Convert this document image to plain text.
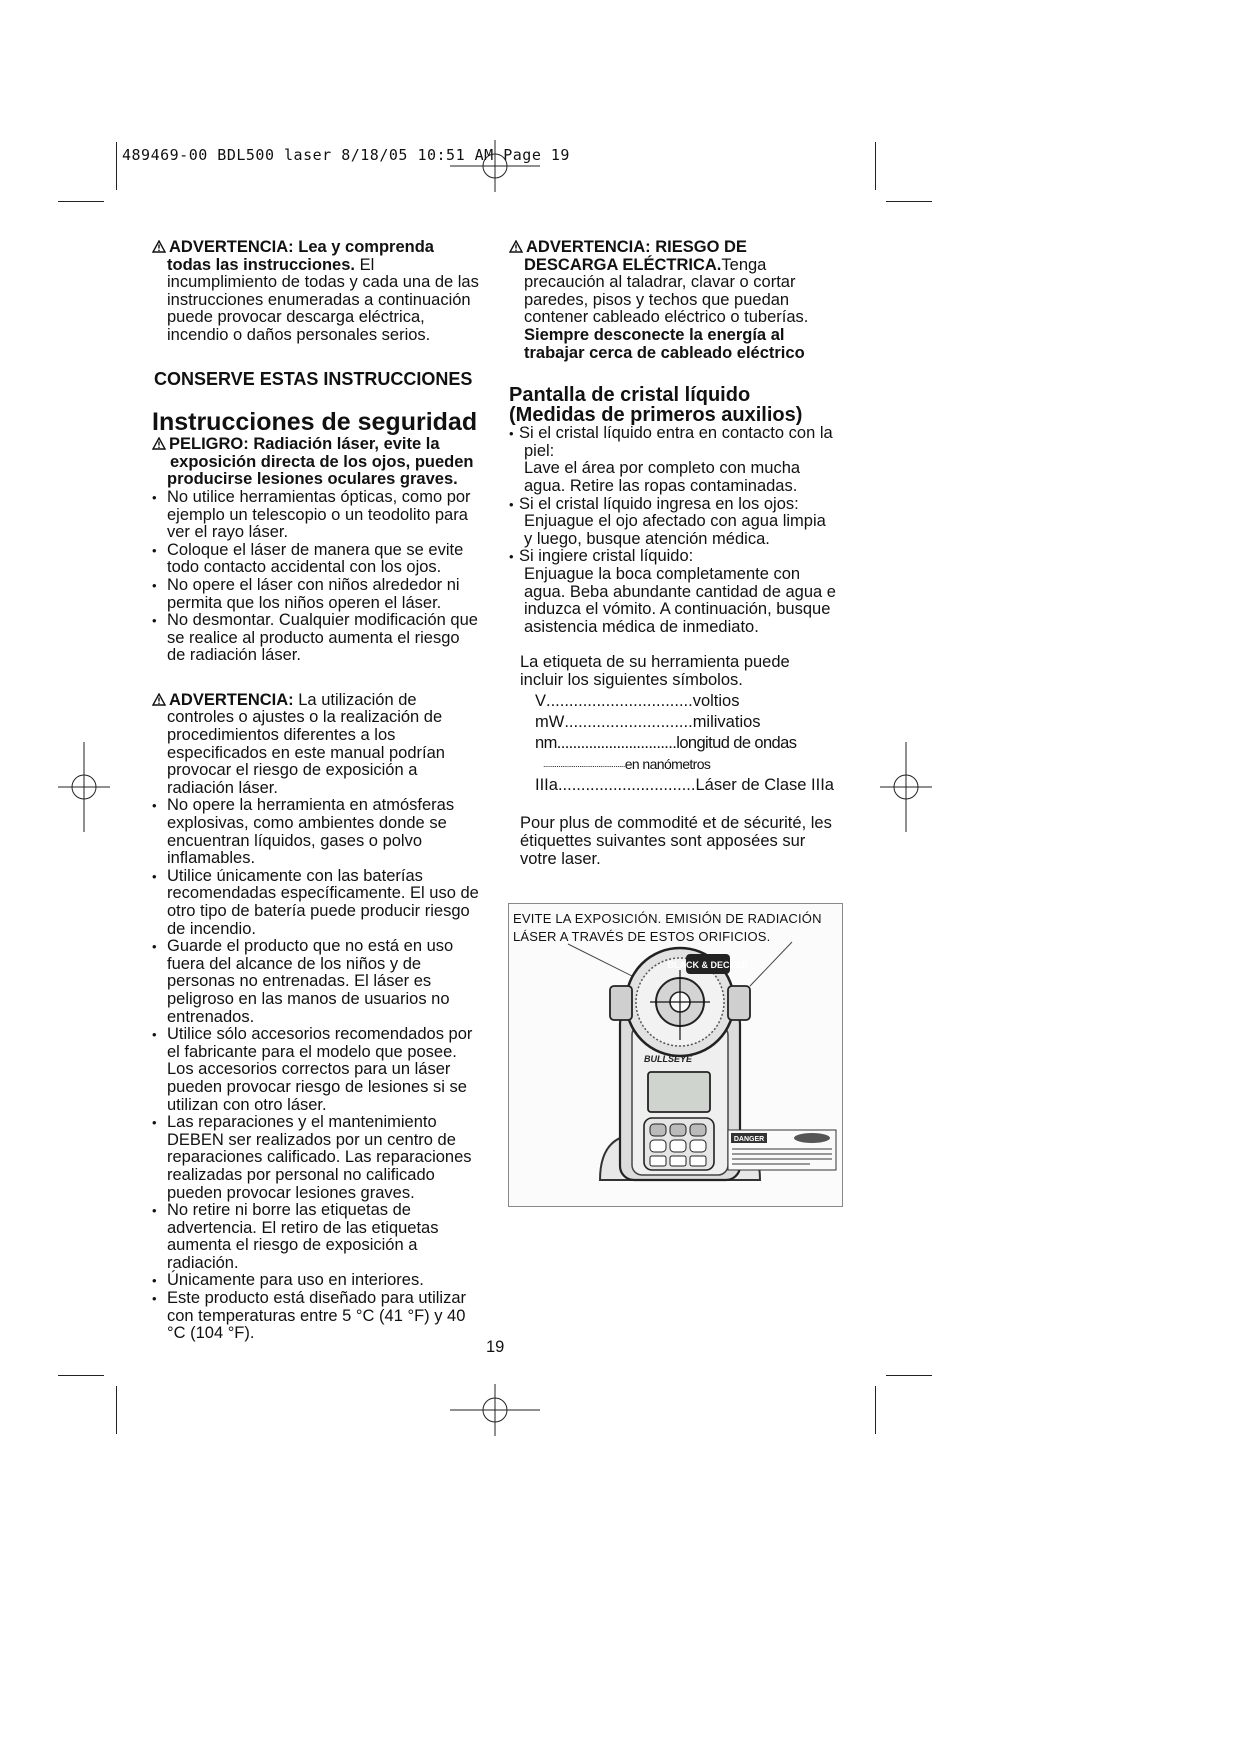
489469-00 BDL500 laser 8/18/05 10:51 AM Page 19

ADVERTENCIA: Lea y comprenda

todas las instrucciones. El

incumplimiento de todas y cada una de las

instrucciones enumeradas a continuación

puede provocar descarga eléctrica,

incendio o daños personales serios.

CONSERVE ESTAS INSTRUCCIONES

Instrucciones de seguridad

PELIGRO: Radiación láser, evite la

exposición directa de los ojos, pueden

producirse lesiones oculares graves.

• No utilice herramientas ópticas, como por
ejemplo un telescopio o un teodolito para
ver el rayo láser.
• Coloque el láser de manera que se evite
todo contacto accidental con los ojos.
• No opere el láser con niños alrededor ni
permita que los niños operen el láser.
• No desmontar. Cualquier modificación que
se realice al producto aumenta el riesgo
de radiación láser.

ADVERTENCIA: La utilización de

controles o ajustes o la realización de

procedimientos diferentes a los

especificados en este manual podrían

provocar el riesgo de exposición a

radiación láser.

• No opere la herramienta en atmósferas
explosivas, como ambientes donde se
encuentran líquidos, gases o polvo
inflamables.
• Utilice únicamente con las baterías
recomendadas específicamente. El uso de
otro tipo de batería puede producir riesgo
de incendio.
• Guarde el producto que no está en uso
fuera del alcance de los niños y de
personas no entrenadas. El láser es
peligroso en las manos de usuarios no
entrenados.
• Utilice sólo accesorios recomendados por
el fabricante para el modelo que posee.
Los accesorios correctos para un láser
pueden provocar riesgo de lesiones si se
utilizan con otro láser.
• Las reparaciones y el mantenimiento
DEBEN ser realizados por un centro de
reparaciones calificado. Las reparaciones
realizadas por personal no calificado
pueden provocar lesiones graves.
• No retire ni borre las etiquetas de
advertencia. El retiro de las etiquetas
aumenta el riesgo de exposición a
radiación.
• Únicamente para uso en interiores.
• Este producto está diseñado para utilizar
con temperaturas entre 5 °C (41 °F) y 40
°C (104 °F).

ADVERTENCIA: RIESGO DE

DESCARGA ELÉCTRICA.Tenga

precaución al taladrar, clavar o cortar

paredes, pisos y techos que puedan

contener cableado eléctrico o tuberías.

Siempre desconecte la energía al

trabajar cerca de cableado eléctrico

Pantalla de cristal líquido

(Medidas de primeros auxilios)

• Si el cristal líquido entra en contacto con la
piel:
Lave el área por completo con mucha
agua. Retire las ropas contaminadas.
• Si el cristal líquido ingresa en los ojos:
Enjuague el ojo afectado con agua limpia
y luego, busque atención médica.
• Si ingiere cristal líquido:
Enjuague la boca completamente con
agua. Beba abundante cantidad de agua e
induzca el vómito. A continuación, busque
asistencia médica de inmediato.
La etiqueta de su herramienta puede
incluir los siguientes símbolos.
V ................................ voltios
mW ............................ milivatios
nm .............................. longitud de ondas
........................................... en nanómetros
IIIa .............................. Láser de Clase IIIa
Pour plus de commodité et de sécurité, les
étiquettes suivantes sont apposées sur
votre laser.
EVITE LA EXPOSICIÓN. EMISIÓN DE RADIACIÓN
LÁSER A TRAVÉS DE ESTOS ORIFICIOS.
BLACK & DECKER
BULLSEYE
DANGER
19
